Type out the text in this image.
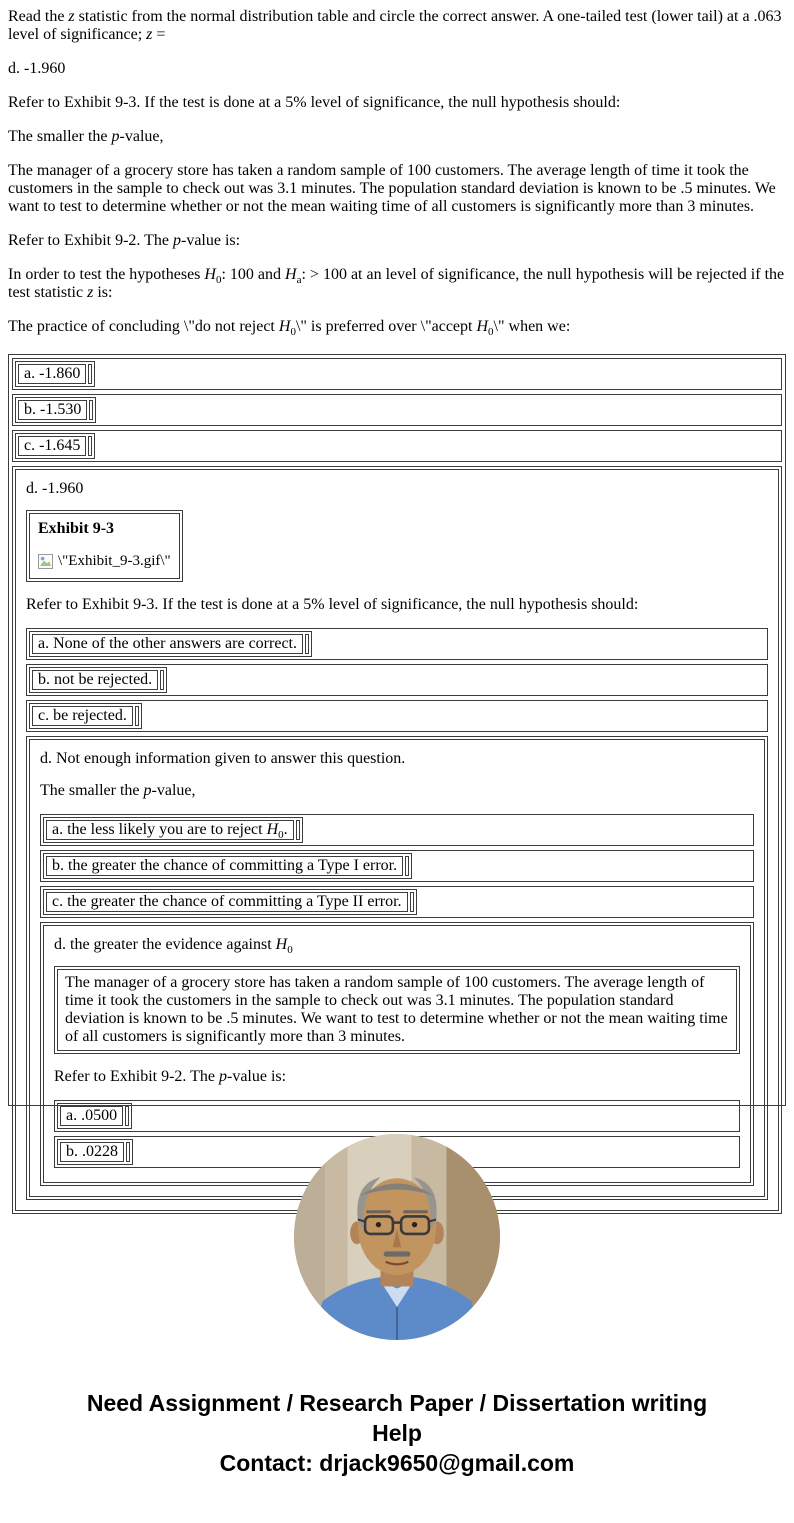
Read the z statistic from the normal distribution table and circle the correct answer. A one-tailed test (lower tail) at a .063 level of significance; z =

d. -1.960

Refer to Exhibit 9-3. If the test is done at a 5% level of significance, the null hypothesis should:

The smaller the p-value,

The manager of a grocery store has taken a random sample of 100 customers. The average length of time it took the customers in the sample to check out was 3.1 minutes. The population standard deviation is known to be .5 minutes. We want to test to determine whether or not the mean waiting time of all customers is significantly more than 3 minutes.

Refer to Exhibit 9-2. The p-value is:

In order to test the hypotheses $H_0$: 100 and $H_a$: > 100 at an level of significance, the null hypothesis will be rejected if the test statistic z is:

The practice of concluding \"do not reject $H_0\backslash$" is preferred over \"accept $H_0\backslash$" when we:

a. -1.860
b. -1.530
c. -1.645

d. -1.960

Exhibit 9-3

\"Exhibit_9-3.gif\"

Refer to Exhibit 9-3. If the test is done at a 5% level of significance, the null hypothesis should:

a. None of the other answers are correct.
b. not be rejected.
c. be rejected.

d. Not enough information given to answer this question.

The smaller the p-value,

a. the less likely you are to reject $H_0$.
b. the greater the chance of committing a Type I error.
c. the greater the chance of committing a Type II error.

d. the greater the evidence against $H_0$

The manager of a grocery store has taken a random sample of 100 customers. The average length of time it took the customers in the sample to check out was 3.1 minutes. The population standard deviation is known to be .5 minutes. We want to test to determine whether or not the mean waiting time of all customers is significantly more than 3 minutes.

Refer to Exhibit 9-2. The p-value is:

a. .0500
b. .0228
Need Assignment / Research Paper / Dissertation writing Help
Contact: drjack9650@gmail.com
